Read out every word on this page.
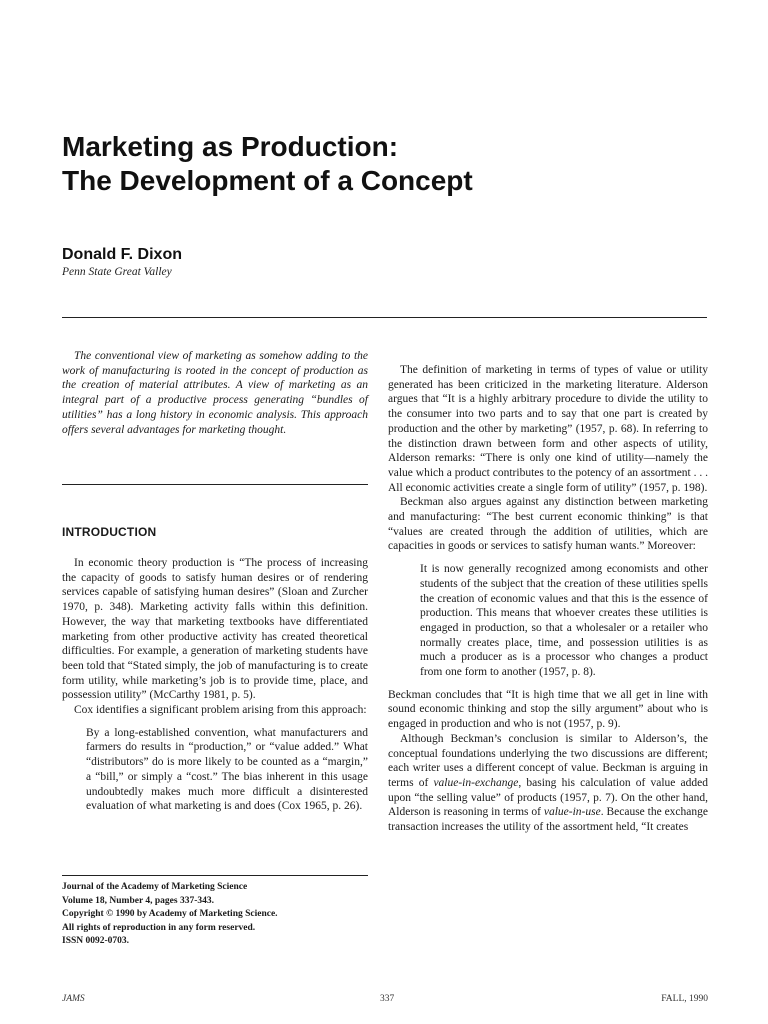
Marketing as Production:
The Development of a Concept
Donald F. Dixon
Penn State Great Valley

The conventional view of marketing as somehow adding to the work of manufacturing is rooted in the concept of production as the creation of material attributes. A view of marketing as an integral part of a productive process generating “bundles of utilities” has a long history in economic analysis. This approach offers several advantages for marketing thought.

INTRODUCTION

In economic theory production is “The process of increasing the capacity of goods to satisfy human desires or of rendering services capable of satisfying human desires” (Sloan and Zurcher 1970, p. 348). Marketing activity falls within this definition. However, the way that marketing textbooks have differentiated marketing from other productive activity has created theoretical difficulties. For example, a generation of marketing students have been told that “Stated simply, the job of manufacturing is to create form utility, while marketing’s job is to provide time, place, and possession utility” (McCarthy 1981, p. 5).

Cox identifies a significant problem arising from this approach:

By a long-established convention, what manufacturers and farmers do results in “production,” or “value added.” What “distributors” do is more likely to be counted as a “margin,” a “bill,” or simply a “cost.” The bias inherent in this usage undoubtedly makes much more difficult a disinterested evaluation of what marketing is and does (Cox 1965, p. 26).

Journal of the Academy of Marketing Science
Volume 18, Number 4, pages 337-343.
Copyright © 1990 by Academy of Marketing Science.
All rights of reproduction in any form reserved.
ISSN 0092-0703.

The definition of marketing in terms of types of value or utility generated has been criticized in the marketing literature. Alderson argues that “It is a highly arbitrary procedure to divide the utility to the consumer into two parts and to say that one part is created by production and the other by marketing” (1957, p. 68). In referring to the distinction drawn between form and other aspects of utility, Alderson remarks: “There is only one kind of utility—namely the value which a product contributes to the potency of an assortment . . . All economic activities create a single form of utility” (1957, p. 198).

Beckman also argues against any distinction between marketing and manufacturing: “The best current economic thinking” is that “values are created through the addition of utilities, which are capacities in goods or services to satisfy human wants.” Moreover:

It is now generally recognized among economists and other students of the subject that the creation of these utilities spells the creation of economic values and that this is the essence of production. This means that whoever creates these utilities is engaged in production, so that a wholesaler or a retailer who normally creates place, time, and possession utilities is as much a producer as is a processor who changes a product from one form to another (1957, p. 8).

Beckman concludes that “It is high time that we all get in line with sound economic thinking and stop the silly argument” about who is engaged in production and who is not (1957, p. 9).

Although Beckman’s conclusion is similar to Alderson’s, the conceptual foundations underlying the two discussions are different; each writer uses a different concept of value. Beckman is arguing in terms of value-in-exchange, basing his calculation of value added upon “the selling value” of products (1957, p. 7). On the other hand, Alderson is reasoning in terms of value-in-use. Because the exchange transaction increases the utility of the assortment held, “It creates

JAMS	337	FALL, 1990
